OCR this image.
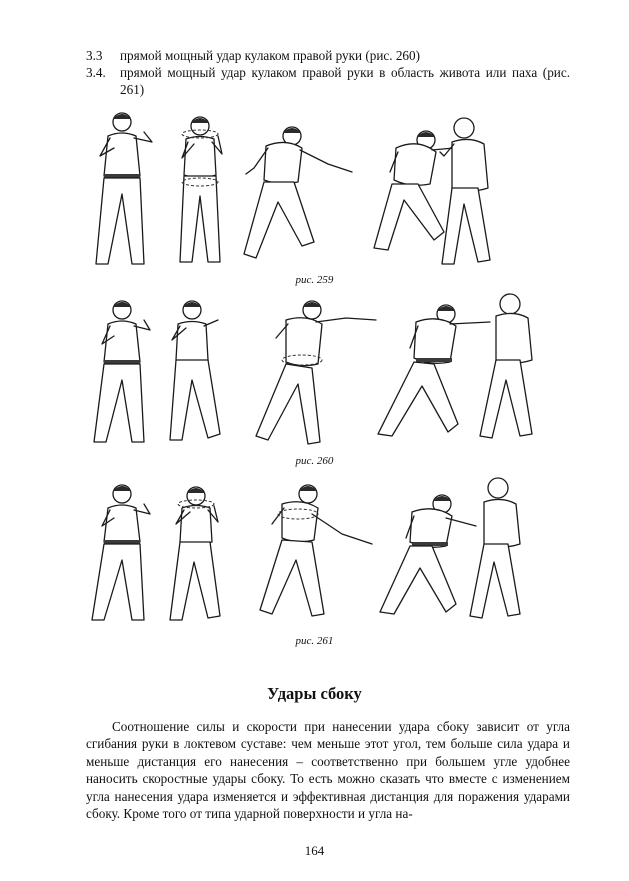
3.3	прямой мощный удар кулаком правой руки (рис. 260)
3.4.	прямой мощный удар кулаком правой руки в область живота или паха (рис. 261)
рис. 259
рис. 260
рис. 261
Удары сбоку

Соотношение силы и скорости при нанесении удара сбоку зависит от угла сгибания руки в локтевом суставе: чем меньше этот угол, тем больше сила удара и меньше дистанция его нанесения – соответственно при большем угле удобнее наносить скоростные удары сбоку. То есть можно сказать что вместе с изменением угла нанесения удара изменяется и эффективная дистанция для поражения ударами сбоку. Кроме того от типа ударной поверхности и угла на-

164
